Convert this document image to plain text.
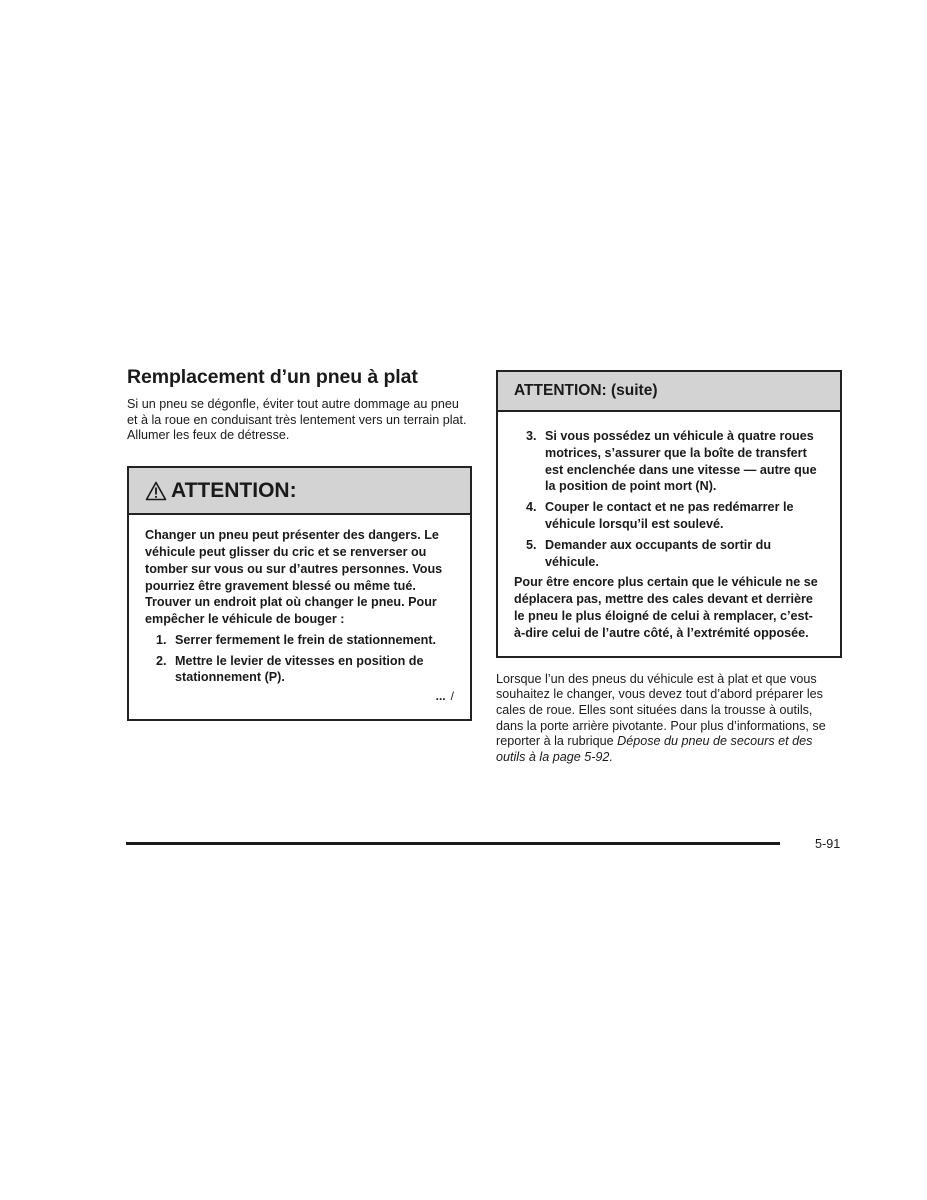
Remplacement d’un pneu à plat

Si un pneu se dégonfle, éviter tout autre dommage au pneu et à la roue en conduisant très lentement vers un terrain plat. Allumer les feux de détresse.

ATTENTION:

Changer un pneu peut présenter des dangers. Le véhicule peut glisser du cric et se renverser ou tomber sur vous ou sur d’autres personnes. Vous pourriez être gravement blessé ou même tué. Trouver un endroit plat où changer le pneu. Pour empêcher le véhicule de bouger :

1. Serrer fermement le frein de stationnement.
2. Mettre le levier de vitesses en position de stationnement (P).
... /
ATTENTION: (suite)
3. Si vous possédez un véhicule à quatre roues motrices, s’assurer que la boîte de transfert est enclenchée dans une vitesse — autre que la position de point mort (N).
4. Couper le contact et ne pas redémarrer le véhicule lorsqu’il est soulevé.
5. Demander aux occupants de sortir du véhicule.

Pour être encore plus certain que le véhicule ne se déplacera pas, mettre des cales devant et derrière le pneu le plus éloigné de celui à remplacer, c’est-à-dire celui de l’autre côté, à l’extrémité opposée.

Lorsque l’un des pneus du véhicule est à plat et que vous souhaitez le changer, vous devez tout d’abord préparer les cales de roue. Elles sont situées dans la trousse à outils, dans la porte arrière pivotante. Pour plus d’informations, se reporter à la rubrique Dépose du pneu de secours et des outils à la page 5-92.

5-91
